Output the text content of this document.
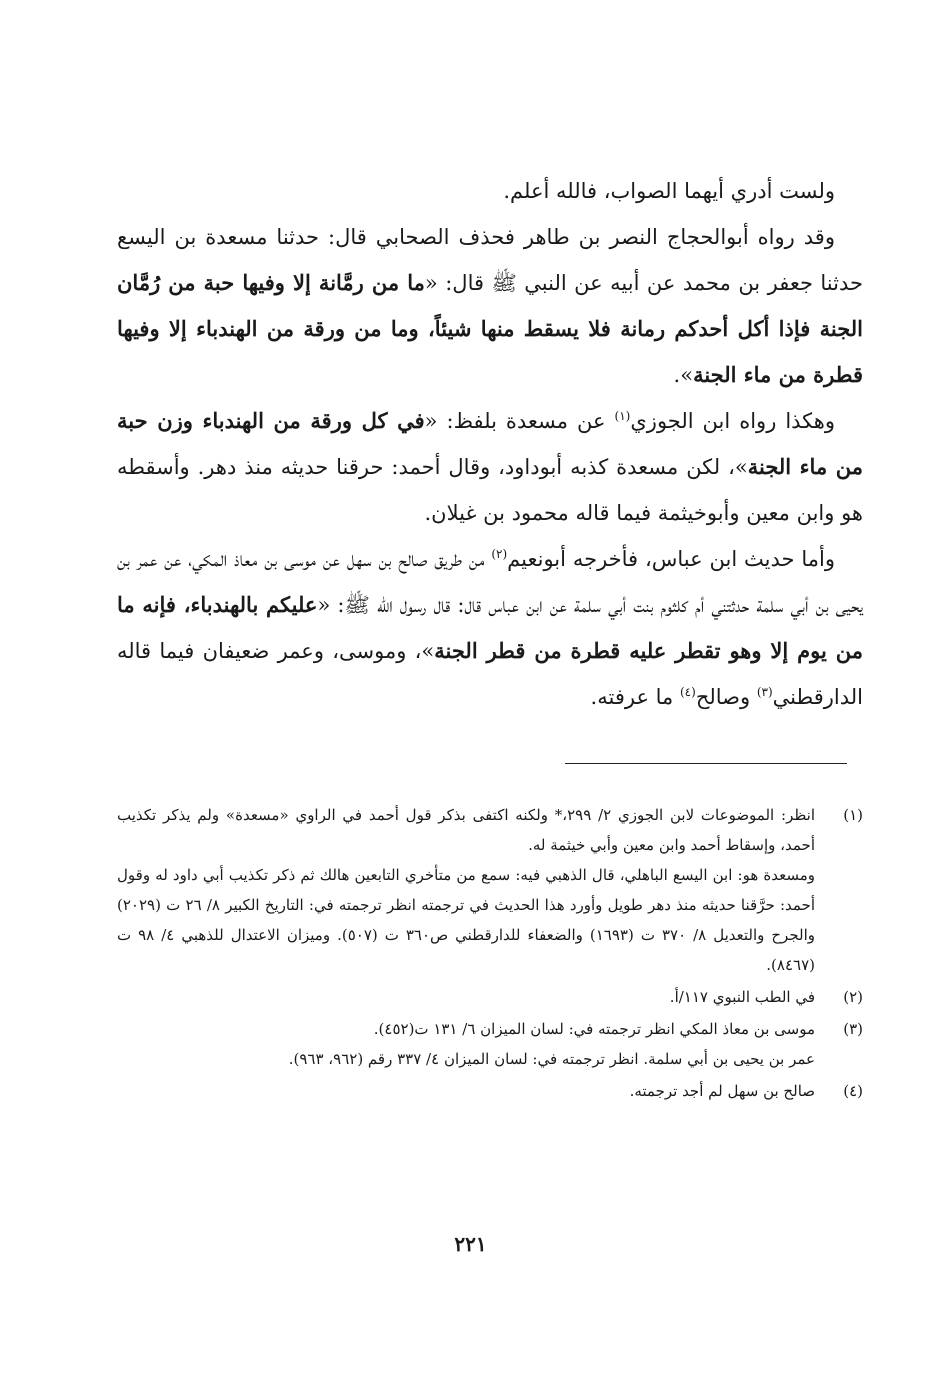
ولست أدري أيهما الصواب، فالله أعلم.

وقد رواه أبوالحجاج النصر بن طاهر فحذف الصحابي قال: حدثنا مسعدة بن اليسع حدثنا جعفر بن محمد عن أبيه عن النبي ﷺ قال: «ما من رمَّانة إلا وفيها حبة من رُمَّان الجنة فإذا أكل أحدكم رمانة فلا يسقط منها شيئاً، وما من ورقة من الهندباء إلا وفيها قطرة من ماء الجنة».

وهكذا رواه ابن الجوزي$^{(١)}$ عن مسعدة بلفظ: «في كل ورقة من الهندباء وزن حبة من ماء الجنة»، لكن مسعدة كذبه أبوداود، وقال أحمد: حرقنا حديثه منذ دهر. وأسقطه هو وابن معين وأبوخيثمة فيما قاله محمود بن غيلان.

وأما حديث ابن عباس، فأخرجه أبونعيم$^{(٢)}$ من طريق صالح بن سهل عن موسى بن معاذ المكي، عن عمر بن يحيى بن أبي سلمة حدثتني أم كلثوم بنت أبي سلمة عن ابن عباس قال: قال رسول الله ﷺ: «عليكم بالهندباء، فإنه ما من يوم إلا وهو تقطر عليه قطرة من قطر الجنة»، وموسى، وعمر ضعيفان فيما قاله الدارقطني$^{(٣)}$ وصالح$^{(٤)}$ ما عرفته.

(١)

انظر: الموضوعات لابن الجوزي ٢/ ٢٩٩،* ولكنه اكتفى بذكر قول أحمد في الراوي «مسعدة» ولم يذكر تكذيب أحمد، وإسقاط أحمد وابن معين وأبي خيثمة له.

ومسعدة هو: ابن اليسع الباهلي، قال الذهبي فيه: سمع من متأخري التابعين هالك ثم ذكر تكذيب أبي داود له وقول أحمد: حرَّقنا حديثه منذ دهر طويل وأورد هذا الحديث في ترجمته انظر ترجمته في: التاريخ الكبير ٨/ ٢٦ ت (٢٠٢٩) والجرح والتعديل ٨/ ٣٧٠ ت (١٦٩٣) والضعفاء للدارقطني ص٣٦٠ ت (٥٠٧). وميزان الاعتدال للذهبي ٤/ ٩٨ ت (٨٤٦٧).

(٢)

في الطب النبوي ١١٧/أ.

(٣)

موسى بن معاذ المكي انظر ترجمته في: لسان الميزان ٦/ ١٣١ ت(٤٥٢).

عمر بن يحيى بن أبي سلمة. انظر ترجمته في: لسان الميزان ٤/ ٣٣٧ رقم (٩٦٢، ٩٦٣).

(٤)

صالح بن سهل لم أجد ترجمته.

٢٢١
